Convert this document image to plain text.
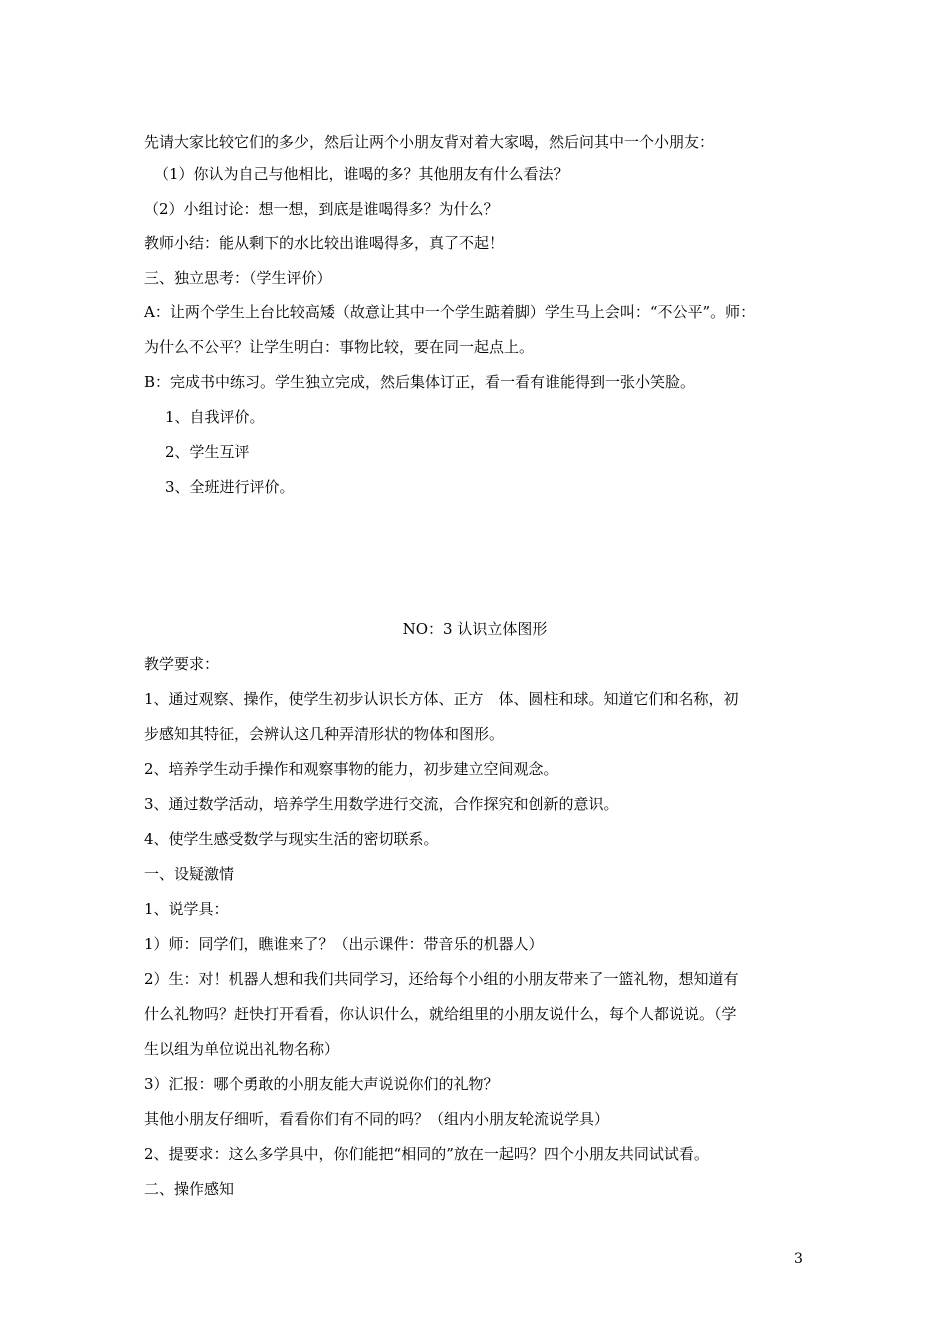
先请大家比较它们的多少，然后让两个小朋友背对着大家喝，然后问其中一个小朋友：
（1）你认为自己与他相比，谁喝的多？其他朋友有什么看法？
（2）小组讨论：想一想，到底是谁喝得多？为什么？
教师小结：能从剩下的水比较出谁喝得多，真了不起！
三、独立思考：（学生评价）
A：让两个学生上台比较高矮（故意让其中一个学生踮着脚）学生马上会叫：“不公平”。师：
为什么不公平？让学生明白：事物比较，要在同一起点上。
B：完成书中练习。学生独立完成，然后集体订正，看一看有谁能得到一张小笑脸。
1、自我评价。
2、学生互评
3、全班进行评价。
NO：3 认识立体图形
教学要求：
1、通过观察、操作，使学生初步认识长方体、正方　体、圆柱和球。知道它们和名称，初
步感知其特征，会辨认这几种弄清形状的物体和图形。
2、培养学生动手操作和观察事物的能力，初步建立空间观念。
3、通过数学活动，培养学生用数学进行交流，合作探究和创新的意识。
4、使学生感受数学与现实生活的密切联系。
一、设疑激情
1、说学具：
1）师：同学们，瞧谁来了？（出示课件：带音乐的机器人）
2）生：对！机器人想和我们共同学习，还给每个小组的小朋友带来了一篮礼物，想知道有
什么礼物吗？赶快打开看看，你认识什么，就给组里的小朋友说什么，每个人都说说。（学
生以组为单位说出礼物名称）
3）汇报：哪个勇敢的小朋友能大声说说你们的礼物？
其他小朋友仔细听，看看你们有不同的吗？（组内小朋友轮流说学具）
2、提要求：这么多学具中，你们能把“相同的”放在一起吗？四个小朋友共同试试看。
二、操作感知
3
